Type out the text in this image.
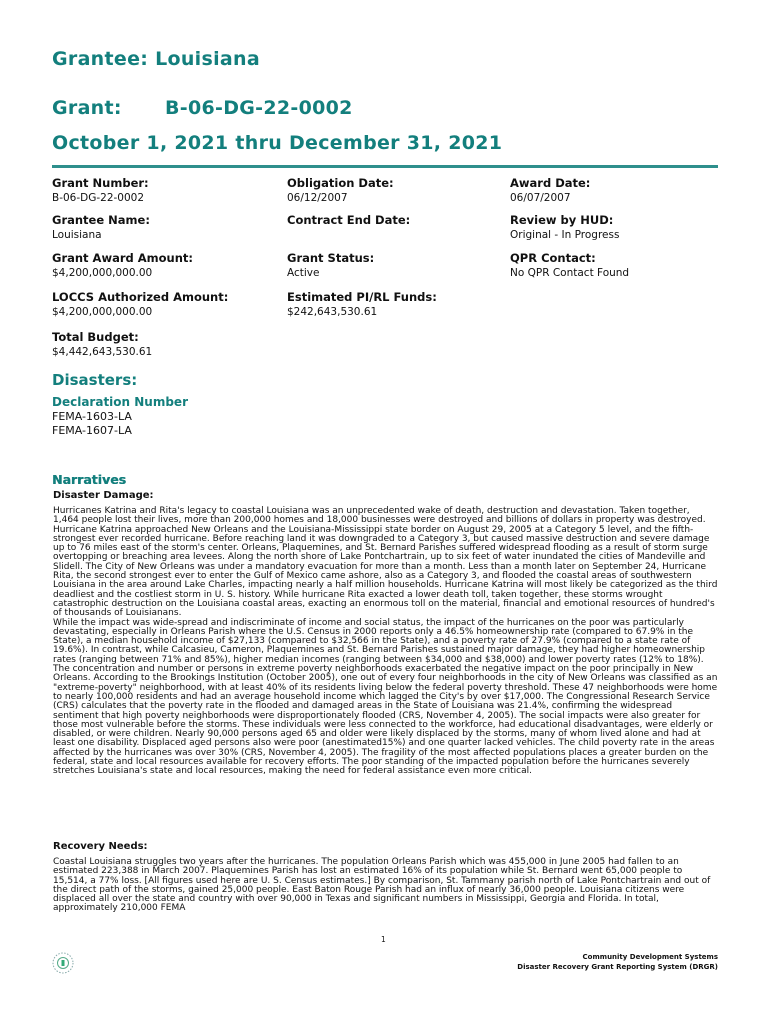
Grantee: Louisiana
Grant: B-06-DG-22-0002
October 1, 2021 thru December 31, 2021
Grant Number:
B-06-DG-22-0002
Grantee Name:
Louisiana
Grant Award Amount:
$4,200,000,000.00
LOCCS Authorized Amount:
$4,200,000,000.00
Total Budget:
$4,442,643,530.61
Obligation Date:
06/12/2007
Contract End Date:
Grant Status:
Active
Estimated PI/RL Funds:
$242,643,530.61
Award Date:
06/07/2007
Review by HUD:
Original - In Progress
QPR Contact:
No QPR Contact Found
Disasters:
Declaration Number
FEMA-1603-LA
FEMA-1607-LA
Narratives
Disaster Damage:

Hurricanes Katrina and Rita's legacy to coastal Louisiana was an unprecedented wake of death, destruction and devastation. Taken together, 1,464 people lost their lives, more than 200,000 homes and 18,000 businesses were destroyed and billions of dollars in property was destroyed. Hurricane Katrina approached New Orleans and the Louisiana-Mississippi state border on August 29, 2005 at a Category 5 level, and the fifth-strongest ever recorded hurricane. Before reaching land it was downgraded to a Category 3, but caused massive destruction and severe damage up to 76 miles east of the storm's center. Orleans, Plaquemines, and St. Bernard Parishes suffered widespread flooding as a result of storm surge overtopping or breaching area levees. Along the north shore of Lake Pontchartrain, up to six feet of water inundated the cities of Mandeville and Slidell. The City of New Orleans was under a mandatory evacuation for more than a month. Less than a month later on September 24, Hurricane Rita, the second strongest ever to enter the Gulf of Mexico came ashore, also as a Category 3, and flooded the coastal areas of southwestern Louisiana in the area around Lake Charles, impacting nearly a half million households. Hurricane Katrina will most likely be categorized as the third deadliest and the costliest storm in U. S. history. While hurricane Rita exacted a lower death toll, taken together, these storms wrought catastrophic destruction on the Louisiana coastal areas, exacting an enormous toll on the material, financial and emotional resources of hundred's of thousands of Louisianans.

While the impact was wide-spread and indiscriminate of income and social status, the impact of the hurricanes on the poor was particularly devastating, especially in Orleans Parish where the U.S. Census in 2000 reports only a 46.5% homeownership rate (compared to 67.9% in the State), a median household income of $27,133 (compared to $32,566 in the State), and a poverty rate of 27.9% (compared to a state rate of 19.6%). In contrast, while Calcasieu, Cameron, Plaquemines and St. Bernard Parishes sustained major damage, they had higher homeownership rates (ranging between 71% and 85%), higher median incomes (ranging between $34,000 and $38,000) and lower poverty rates (12% to 18%). The concentration and number or persons in extreme poverty neighborhoods exacerbated the negative impact on the poor principally in New Orleans. According to the Brookings Institution (October 2005), one out of every four neighborhoods in the city of New Orleans was classified as an "extreme-poverty" neighborhood, with at least 40% of its residents living below the federal poverty threshold. These 47 neighborhoods were home to nearly 100,000 residents and had an average household income which lagged the City's by over $17,000. The Congressional Research Service (CRS) calculates that the poverty rate in the flooded and damaged areas in the State of Louisiana was 21.4%, confirming the widespread sentiment that high poverty neighborhoods were disproportionately flooded (CRS, November 4, 2005). The social impacts were also greater for those most vulnerable before the storms. These individuals were less connected to the workforce, had educational disadvantages, were elderly or disabled, or were children. Nearly 90,000 persons aged 65 and older were likely displaced by the storms, many of whom lived alone and had at least one disability. Displaced aged persons also were poor (anestimated15%) and one quarter lacked vehicles. The child poverty rate in the areas affected by the hurricanes was over 30% (CRS, November 4, 2005). The fragility of the most affected populations places a greater burden on the federal, state and local resources available for recovery efforts. The poor standing of the impacted population before the hurricanes severely stretches Louisiana's state and local resources, making the need for federal assistance even more critical.

Recovery Needs:

Coastal Louisiana struggles two years after the hurricanes. The population Orleans Parish which was 455,000 in June 2005 had fallen to an estimated 223,388 in March 2007. Plaquemines Parish has lost an estimated 16% of its population while St. Bernard went 65,000 people to 15,514, a 77% loss. [All figures used here are U. S. Census estimates.] By comparison, St. Tammany parish north of Lake Pontchartrain and out of the direct path of the storms, gained 25,000 people. East Baton Rouge Parish had an influx of nearly 36,000 people. Louisiana citizens were displaced all over the state and country with over 90,000 in Texas and significant numbers in Mississippi, Georgia and Florida. In total, approximately 210,000 FEMA

1
Community Development Systems
Disaster Recovery Grant Reporting System (DRGR)
